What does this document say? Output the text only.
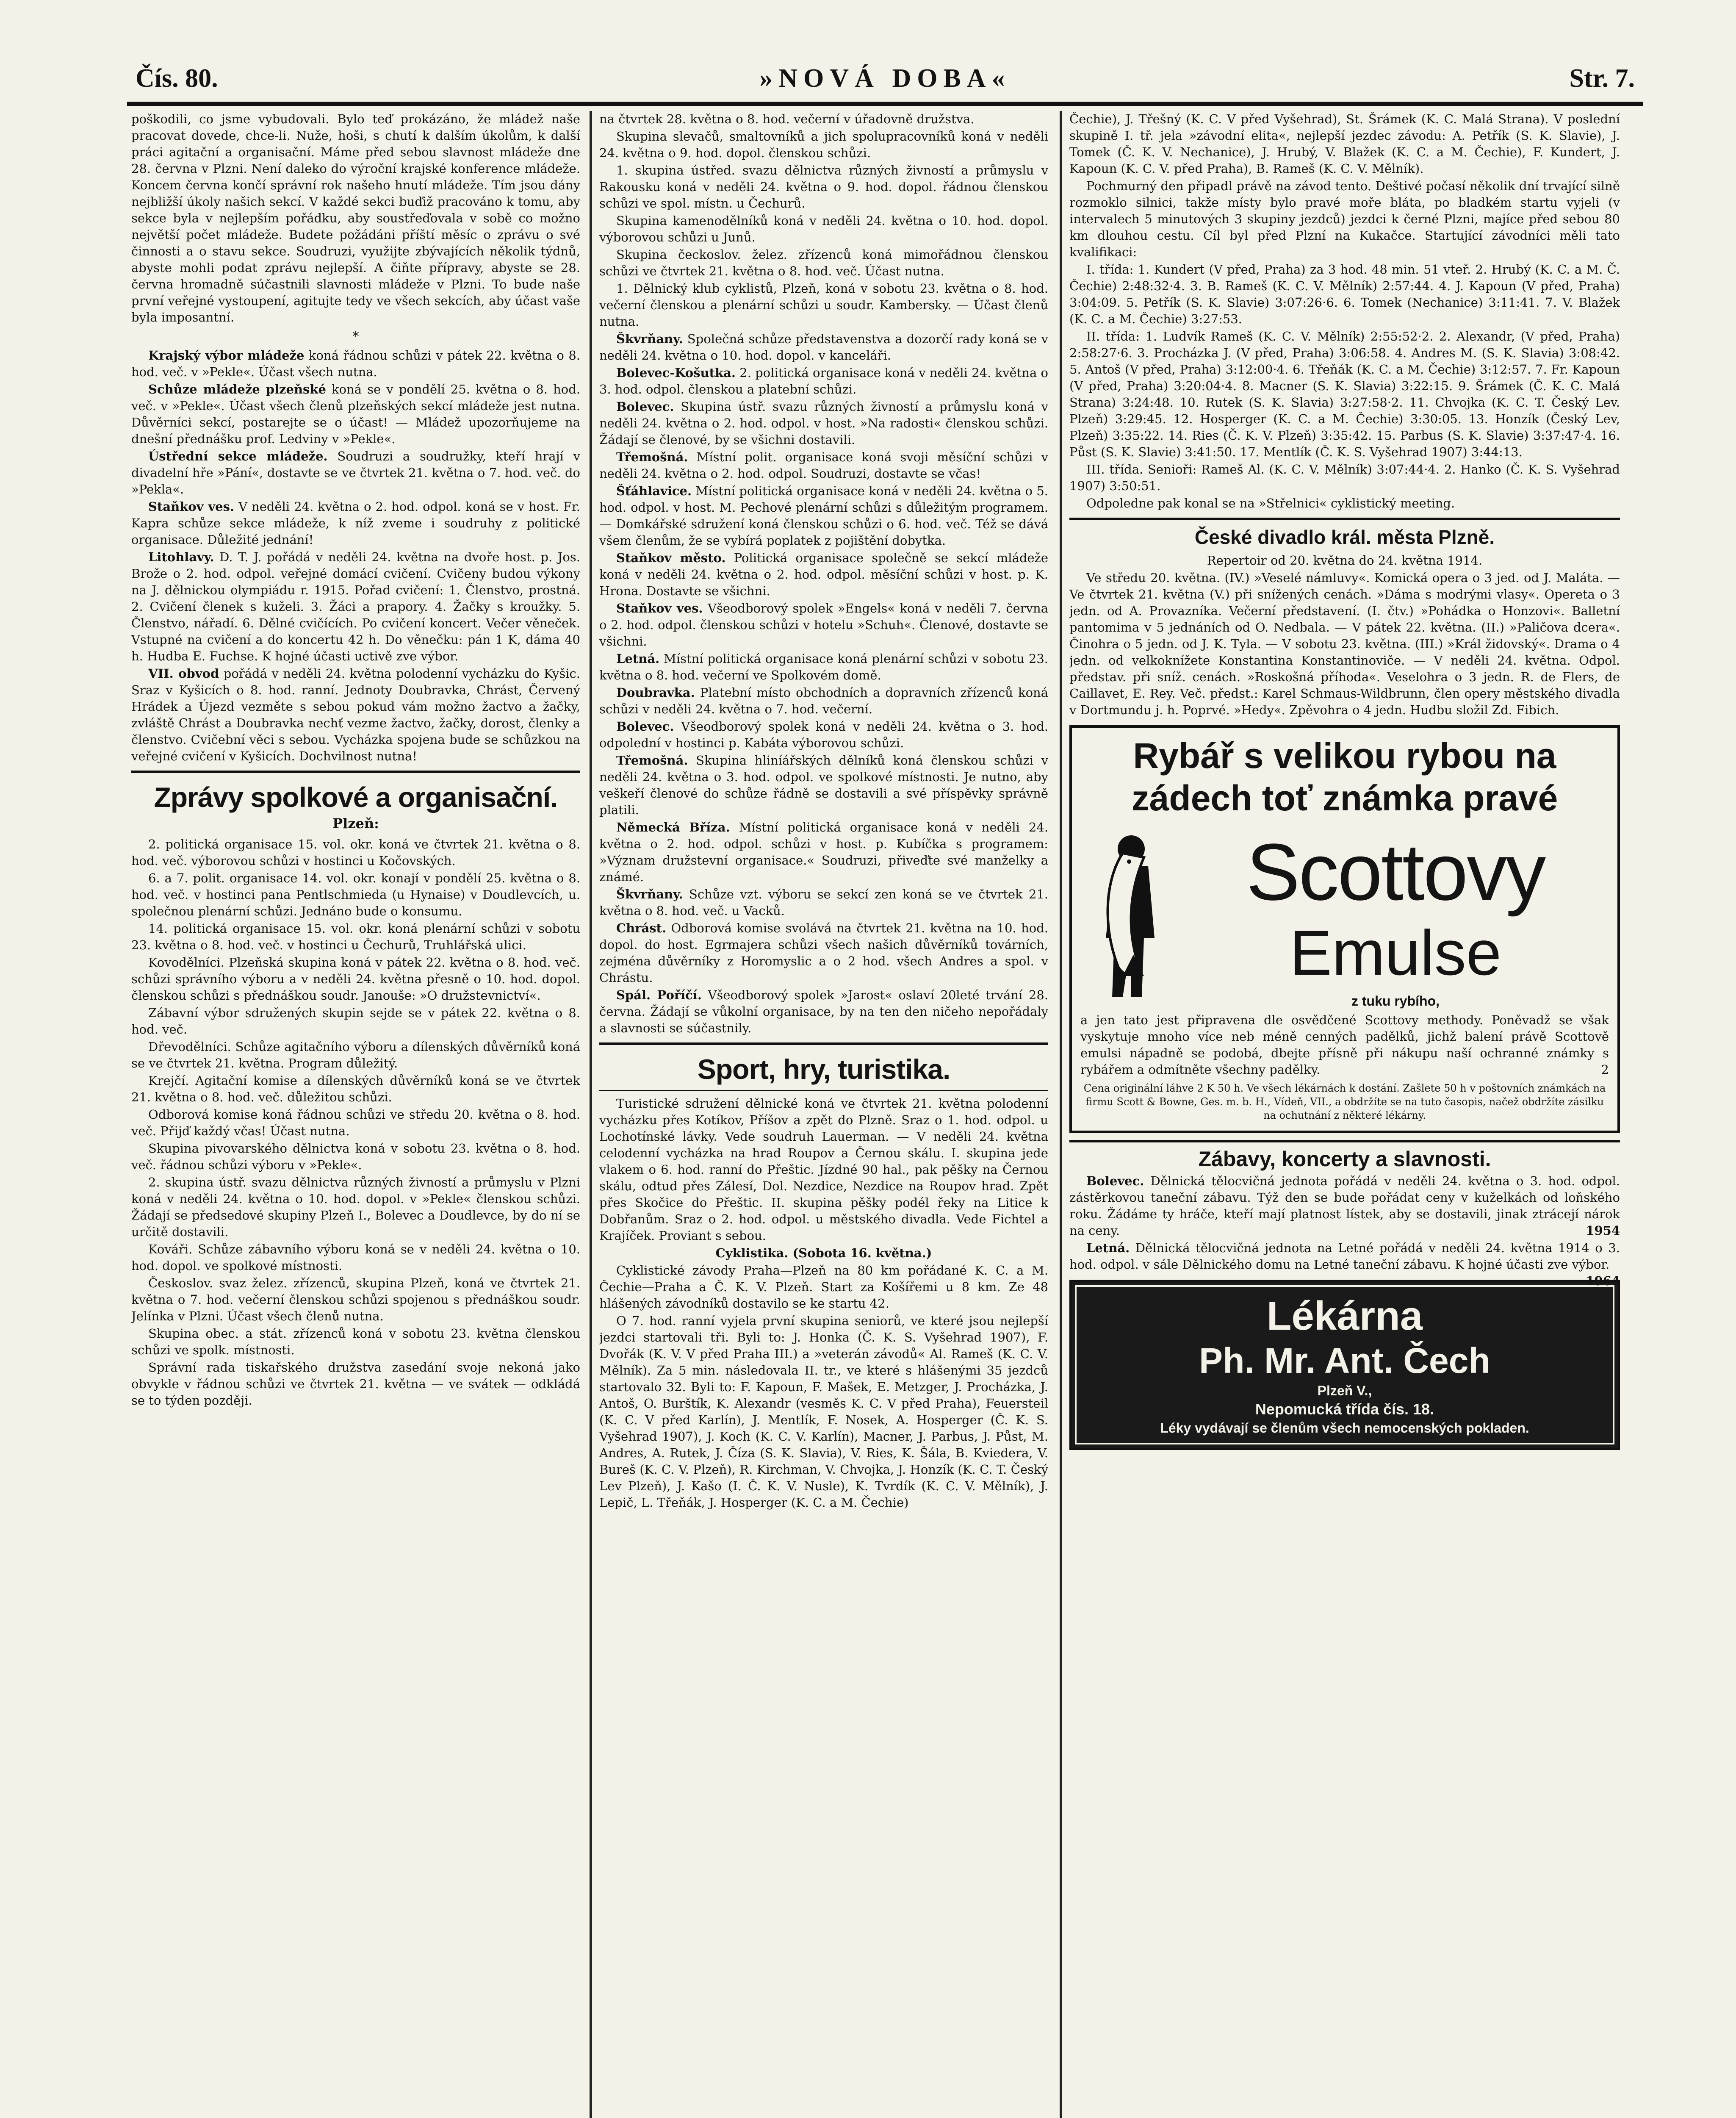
Čís. 80.	»NOVÁ DOBA«	Str. 7.

poškodili, co jsme vybudovali. Bylo teď prokázáno, že mládež naše pracovat dovede, chce-li. Nuže, hoši, s chutí k dalším úkolům, k další práci agitační a organisační. Máme před sebou slavnost mládeže dne 28. června v Plzni. Není daleko do výroční krajské konference mládeže. Koncem června končí správní rok našeho hnutí mládeže. Tím jsou dány nejbližší úkoly našich sekcí. V každé sekci buďiž pracováno k tomu, aby sekce byla v nejlepším pořádku, aby soustřeďovala v sobě co možno největší počet mládeže. Budete požádáni příští měsíc o zprávu o své činnosti a o stavu sekce. Soudruzi, využijte zbývajících několik týdnů, abyste mohli podat zprávu nejlepší. A čiňte přípravy, abyste se 28. června hromadně súčastnili slavnosti mládeže v Plzni. To bude naše první veřejné vystoupení, agitujte tedy ve všech sekcích, aby účast vaše byla imposantní.

*

Krajský výbor mládeže koná řádnou schůzi v pátek 22. května o 8. hod. več. v »Pekle«. Účast všech nutna.

Schůze mládeže plzeňské koná se v pondělí 25. května o 8. hod. več. v »Pekle«. Účast všech členů plzeňských sekcí mládeže jest nutna. Důvěrníci sekcí, postarejte se o účast! — Mládež upozorňujeme na dnešní přednášku prof. Ledviny v »Pekle«.

Ústřední sekce mládeže. Soudruzi a soudružky, kteří hrají v divadelní hře »Pání«, dostavte se ve čtvrtek 21. května o 7. hod. več. do »Pekla«.

Staňkov ves. V neděli 24. května o 2. hod. odpol. koná se v host. Fr. Kapra schůze sekce mládeže, k níž zveme i soudruhy z politické organisace. Důležité jednání!

Litohlavy. D. T. J. pořádá v neděli 24. května na dvoře host. p. Jos. Brože o 2. hod. odpol. veřejné domácí cvičení. Cvičeny budou výkony na J. dělnickou olympiádu r. 1915. Pořad cvičení: 1. Členstvo, prostná. 2. Cvičení členek s kuželi. 3. Žáci a prapory. 4. Žačky s kroužky. 5. Členstvo, nářadí. 6. Dělné cvičících. Po cvičení koncert. Večer věneček. Vstupné na cvičení a do koncertu 42 h. Do věnečku: pán 1 K, dáma 40 h. Hudba E. Fuchse. K hojné účasti uctivě zve výbor.

VII. obvod pořádá v neděli 24. května polodenní vycházku do Kyšic. Sraz v Kyšicích o 8. hod. ranní. Jednoty Doubravka, Chrást, Červený Hrádek a Újezd vezměte s sebou pokud vám možno žactvo a žačky, zvláště Chrást a Doubravka nechť vezme žactvo, žačky, dorost, členky a členstvo. Cvičební věci s sebou. Vycházka spojena bude se schůzkou na veřejné cvičení v Kyšicích. Dochvilnost nutna!

Zprávy spolkové a organisační.
Plzeň:

2. politická organisace 15. vol. okr. koná ve čtvrtek 21. května o 8. hod. več. výborovou schůzi v hostinci u Kočovských.

6. a 7. polit. organisace 14. vol. okr. konají v pondělí 25. května o 8. hod. več. v hostinci pana Pentlschmieda (u Hynaise) v Doudlevcích, u. společnou plenární schůzi. Jednáno bude o konsumu.

14. politická organisace 15. vol. okr. koná plenární schůzi v sobotu 23. května o 8. hod. več. v hostinci u Čechurů, Truhlářská ulici.

Kovodělníci. Plzeňská skupina koná v pátek 22. května o 8. hod. več. schůzi správního výboru a v neděli 24. května přesně o 10. hod. dopol. členskou schůzi s přednáškou soudr. Janouše: »O družstevnictví«.

Zábavní výbor sdružených skupin sejde se v pátek 22. května o 8. hod. več.

Dřevodělníci. Schůze agitačního výboru a dílenských důvěrníků koná se ve čtvrtek 21. května. Program důležitý.

Krejčí. Agitační komise a dílenských důvěrníků koná se ve čtvrtek 21. května o 8. hod. več. důležitou schůzi.

Odborová komise koná řádnou schůzi ve středu 20. května o 8. hod. več. Přijď každý včas! Účast nutna.

Skupina pivovarského dělnictva koná v sobotu 23. května o 8. hod. več. řádnou schůzi výboru v »Pekle«.

2. skupina ústř. svazu dělnictva různých živností a průmyslu v Plzni koná v neděli 24. května o 10. hod. dopol. v »Pekle« členskou schůzi. Žádají se předsedové skupiny Plzeň I., Bolevec a Doudlevce, by do ní se určitě dostavili.

Kováři. Schůze zábavního výboru koná se v neděli 24. května o 10. hod. dopol. ve spolkové místnosti.

Českoslov. svaz želez. zřízenců, skupina Plzeň, koná ve čtvrtek 21. května o 7. hod. večerní členskou schůzi spojenou s přednáškou soudr. Jelínka v Plzni. Účast všech členů nutna.

Skupina obec. a stát. zřízenců koná v sobotu 23. května členskou schůzi ve spolk. místnosti.

Správní rada tiskařského družstva zasedání svoje nekoná jako obvykle v řádnou schůzi ve čtvrtek 21. května — ve svátek — odkládá se to týden později.

na čtvrtek 28. května o 8. hod. večerní v úřadovně družstva.

Skupina slevačů, smaltovníků a jich spolupracovníků koná v neděli 24. května o 9. hod. dopol. členskou schůzi.

1. skupina ústřed. svazu dělnictva různých živností a průmyslu v Rakousku koná v neděli 24. května o 9. hod. dopol. řádnou členskou schůzi ve spol. místn. u Čechurů.

Skupina kamenodělníků koná v neděli 24. května o 10. hod. dopol. výborovou schůzi u Junů.

Skupina čeckoslov. želez. zřízenců koná mimořádnou členskou schůzi ve čtvrtek 21. května o 8. hod. več. Účast nutna.

1. Dělnický klub cyklistů, Plzeň, koná v sobotu 23. května o 8. hod. večerní členskou a plenární schůzi u soudr. Kambersky. — Účast členů nutna.

Škvrňany. Společná schůze představenstva a dozorčí rady koná se v neděli 24. května o 10. hod. dopol. v kanceláři.

Bolevec-Košutka. 2. politická organisace koná v neděli 24. května o 3. hod. odpol. členskou a platební schůzi.

Bolevec. Skupina ústř. svazu různých živností a průmyslu koná v neděli 24. května o 2. hod. odpol. v host. »Na radosti« členskou schůzi. Žádají se členové, by se všichni dostavili.

Třemošná. Místní polit. organisace koná svoji měsíční schůzi v neděli 24. května o 2. hod. odpol. Soudruzi, dostavte se včas!

Šťáhlavice. Místní politická organisace koná v neděli 24. května o 5. hod. odpol. v host. M. Pechové plenární schůzi s důležitým programem. — Domkářské sdružení koná členskou schůzi o 6. hod. več. Též se dává všem členům, že se vybírá poplatek z pojištění dobytka.

Staňkov město. Politická organisace společně se sekcí mládeže koná v neděli 24. května o 2. hod. odpol. měsíční schůzi v host. p. K. Hrona. Dostavte se všichni.

Staňkov ves. Všeodborový spolek »Engels« koná v neděli 7. června o 2. hod. odpol. členskou schůzi v hotelu »Schuh«. Členové, dostavte se všichni.

Letná. Místní politická organisace koná plenární schůzi v sobotu 23. května o 8. hod. večerní ve Spolkovém domě.

Doubravka. Platební místo obchodních a dopravních zřízenců koná schůzi v neděli 24. května o 7. hod. večerní.

Bolevec. Všeodborový spolek koná v neděli 24. května o 3. hod. odpolední v hostinci p. Kabáta výborovou schůzi.

Třemošná. Skupina hliníářských dělníků koná členskou schůzi v neděli 24. května o 3. hod. odpol. ve spolkové místnosti. Je nutno, aby veškeří členové do schůze řádně se dostavili a své příspěvky správně platili.

Německá Bříza. Místní politická organisace koná v neděli 24. května o 2. hod. odpol. schůzi v host. p. Kubíčka s programem: »Význam družstevní organisace.« Soudruzi, přiveďte své manželky a známé.

Škvrňany. Schůze vzt. výboru se sekcí zen koná se ve čtvrtek 21. května o 8. hod. več. u Vacků.

Chrást. Odborová komise svolává na čtvrtek 21. května na 10. hod. dopol. do host. Egrmajera schůzi všech našich důvěrníků továrních, zejména důvěrníky z Horomyslic a o 2 hod. všech Andres a spol. v Chrástu.

Spál. Poříčí. Všeodborový spolek »Jarost« oslaví 20leté trvání 28. června. Žádají se vůkolní organisace, by na ten den ničeho nepořádaly a slavnosti se súčastnily.

Sport, hry, turistika.

Turistické sdružení dělnické koná ve čtvrtek 21. května polodenní vycházku přes Kotíkov, Příšov a zpět do Plzně. Sraz o 1. hod. odpol. u Lochotínské lávky. Vede soudruh Lauerman. — V neděli 24. května celodenní vycházka na hrad Roupov a Černou skálu. I. skupina jede vlakem o 6. hod. ranní do Přeštic. Jízdné 90 hal., pak pěšky na Černou skálu, odtud přes Zálesí, Dol. Nezdice, Nezdice na Roupov hrad. Zpět přes Skočice do Přeštic. II. skupina pěšky podél řeky na Litice k Dobřanům. Sraz o 2. hod. odpol. u městského divadla. Vede Fichtel a Krajíček. Proviant s sebou.

Cyklistika. (Sobota 16. května.)

Cyklistické závody Praha—Plzeň na 80 km pořádané K. C. a M. Čechie—Praha a Č. K. V. Plzeň. Start za Košířemi u 8 km. Ze 48 hlášených závodníků dostavilo se ke startu 42.

O 7. hod. ranní vyjela první skupina seniorů, ve které jsou nejlepší jezdci startovali tři. Byli to: J. Honka (Č. K. S. Vyšehrad 1907), F. Dvořák (K. V. V před Praha III.) a »veterán závodů« Al. Rameš (K. C. V. Mělník). Za 5 min. následovala II. tr., ve které s hlášenými 35 jezdců startovalo 32. Byli to: F. Kapoun, F. Mašek, E. Metzger, J. Procházka, J. Antoš, O. Burštík, K. Alexandr (vesměs K. C. V před Praha), Feuersteil (K. C. V před Karlín), J. Mentlík, F. Nosek, A. Hosperger (Č. K. S. Vyšehrad 1907), J. Koch (K. C. V. Karlín), Macner, J. Parbus, J. Půst, M. Andres, A. Rutek, J. Číza (S. K. Slavia), V. Ries, K. Šála, B. Kviedera, V. Bureš (K. C. V. Plzeň), R. Kirchman, V. Chvojka, J. Honzík (K. C. T. Český Lev Plzeň), J. Kašo (I. Č. K. V. Nusle), K. Tvrdík (K. C. V. Mělník), J. Lepič, L. Třeňák, J. Hosperger (K. C. a M. Čechie)

Čechie), J. Třešný (K. C. V před Vyšehrad), St. Šrámek (K. C. Malá Strana). V poslední skupině I. tř. jela »závodní elita«, nejlepší jezdec závodu: A. Petřík (S. K. Slavie), J. Tomek (Č. K. V. Nechanice), J. Hrubý, V. Blažek (K. C. a M. Čechie), F. Kundert, J. Kapoun (K. C. V. před Praha), B. Rameš (K. C. V. Mělník).

Pochmurný den připadl právě na závod tento. Deštivé počasí několik dní trvající silně rozmoklo silnici, takže místy bylo pravé moře bláta, po bladkém startu vyjeli (v intervalech 5 minutových 3 skupiny jezdců) jezdci k černé Plzni, majíce před sebou 80 km dlouhou cestu. Cíl byl před Plzní na Kukačce. Startující závodníci měli tato kvalifikaci:

I. třída: 1. Kundert (V před, Praha) za 3 hod. 48 min. 51 vteř. 2. Hrubý (K. C. a M. Č. Čechie) 2:48:32·4. 3. B. Rameš (K. C. V. Mělník) 2:57:44. 4. J. Kapoun (V před, Praha) 3:04:09. 5. Petřík (S. K. Slavie) 3:07:26·6. 6. Tomek (Nechanice) 3:11:41. 7. V. Blažek (K. C. a M. Čechie) 3:27:53.

II. třída: 1. Ludvík Rameš (K. C. V. Mělník) 2:55:52·2. 2. Alexandr, (V před, Praha) 2:58:27·6. 3. Procházka J. (V před, Praha) 3:06:58. 4. Andres M. (S. K. Slavia) 3:08:42. 5. Antoš (V před, Praha) 3:12:00·4. 6. Třeňák (K. C. a M. Čechie) 3:12:57. 7. Fr. Kapoun (V před, Praha) 3:20:04·4. 8. Macner (S. K. Slavia) 3:22:15. 9. Šrámek (Č. K. C. Malá Strana) 3:24:48. 10. Rutek (S. K. Slavia) 3:27:58·2. 11. Chvojka (K. C. T. Český Lev. Plzeň) 3:29:45. 12. Hosperger (K. C. a M. Čechie) 3:30:05. 13. Honzík (Český Lev, Plzeň) 3:35:22. 14. Ries (Č. K. V. Plzeň) 3:35:42. 15. Parbus (S. K. Slavie) 3:37:47·4. 16. Půst (S. K. Slavie) 3:41:50. 17. Mentlík (Č. K. S. Vyšehrad 1907) 3:44:13.

III. třída. Senioři: Rameš Al. (K. C. V. Mělník) 3:07:44·4. 2. Hanko (Č. K. S. Vyšehrad 1907) 3:50:51.

Odpoledne pak konal se na »Střelnici« cyklistický meeting.

České divadlo král. města Plzně.

Repertoir od 20. května do 24. května 1914.

Ve středu 20. května. (IV.) »Veselé námluvy«. Komická opera o 3 jed. od J. Maláta. — Ve čtvrtek 21. května (V.) při snížených cenách. »Dáma s modrými vlasy«. Opereta o 3 jedn. od A. Provazníka. Večerní představení. (I. čtv.) »Pohádka o Honzovi«. Balletní pantomima v 5 jednáních od O. Nedbala. — V pátek 22. května. (II.) »Paličova dcera«. Činohra o 5 jedn. od J. K. Tyla. — V sobotu 23. května. (III.) »Král židovský«. Drama o 4 jedn. od velkoknížete Konstantina Konstantinoviče. — V neděli 24. května. Odpol. představ. při sníž. cenách. »Roskošná příhoda«. Veselohra o 3 jedn. R. de Flers, de Caillavet, E. Rey. Več. předst.: Karel Schmaus-Wildbrunn, člen opery městského divadla v Dortmundu j. h. Poprvé. »Hedy«. Zpěvohra o 4 jedn. Hudbu složil Zd. Fibich.

Rybář s velikou rybou na
zádech toť známka pravé
Scottovy
Emulse
z tuku rybího,
a jen tato jest připravena dle osvědčené Scottovy methody. Poněvadž se však vyskytuje mnoho více neb méně cenných padělků, jichž balení právě Scottově emulsi nápadně se podobá, dbejte přísně při nákupu naší ochranné známky s rybářem a odmítněte všechny padělky.	2
Cena originální láhve 2 K 50 h. Ve všech lékárnách k dostání. Zašlete 50 h v poštovních známkách na firmu Scott & Bowne, Ges. m. b. H., Vídeň, VII., a obdržíte se na tuto časopis, načež obdržíte zásilku na ochutnání z některé lékárny.
Zábavy, koncerty a slavnosti.

Bolevec. Dělnická tělocvičná jednota pořádá v neděli 24. května o 3. hod. odpol. zástěrkovou taneční zábavu. Týž den se bude pořádat ceny v kuželkách od loňského roku. Žádáme ty hráče, kteří mají platnost lístek, aby se dostavili, jinak ztrácejí nárok na ceny.	1954

Letná. Dělnická tělocvičná jednota na Letné pořádá v neděli 24. května 1914 o 3. hod. odpol. v sále Dělnického domu na Letné taneční zábavu. K hojné účasti zve výbor.
1964

Lékárna
Ph. Mr. Ant. Čech
Plzeň V.,
Nepomucká třída čís. 18.
Léky vydávají se členům všech nemocenských pokladen.
